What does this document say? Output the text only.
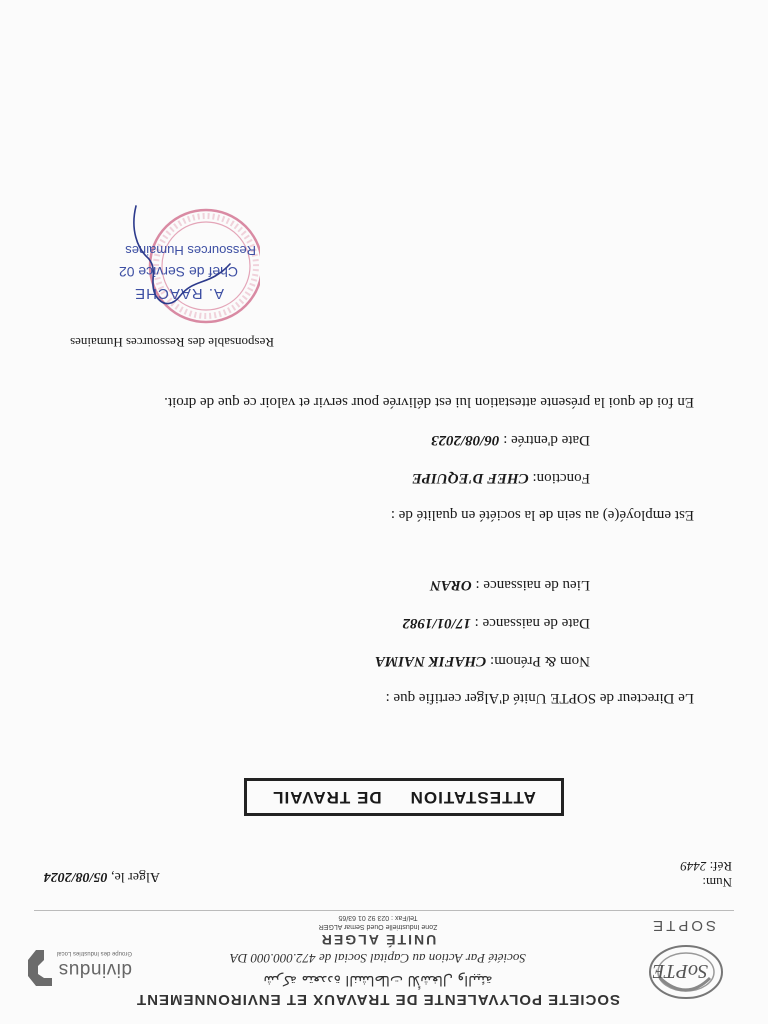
SoPTE
SOPTE
SOCIETE POLYVALENTE DE TRAVAUX ET ENVIRONNEMENT
شركة متعددة النشاطات للأشغال والبيئة
Société Par Action au Capital Social de 472.000.000 DA
UNITÉ ALGER
Zone Industrielle Oued Semar ALGER
Tel/Fax : 023 92 01 63/65
divindus
Groupe des Industries Local
Num:
Réf: 2449
Alger le, 05/08/2024
ATTESTATION
DE TRAVAIL
Le Directeur de SOPTE Unité d'Alger certifie que :
Nom & Prénom: CHAFIK NAIMA
Date de naissance : 17/01/1982
Lieu de naissance : ORAN
Est employé(e) au sein de la société en qualité de :
Fonction: CHEF D'EQUIPE
Date d'entrée : 06/08/2023
En foi de quoi la présente attestation lui est délivrée pour servir et valoir ce que de droit.
Responsable des Ressources Humaines
A. RAACHE
Chef de Service 02
Ressources Humaines
